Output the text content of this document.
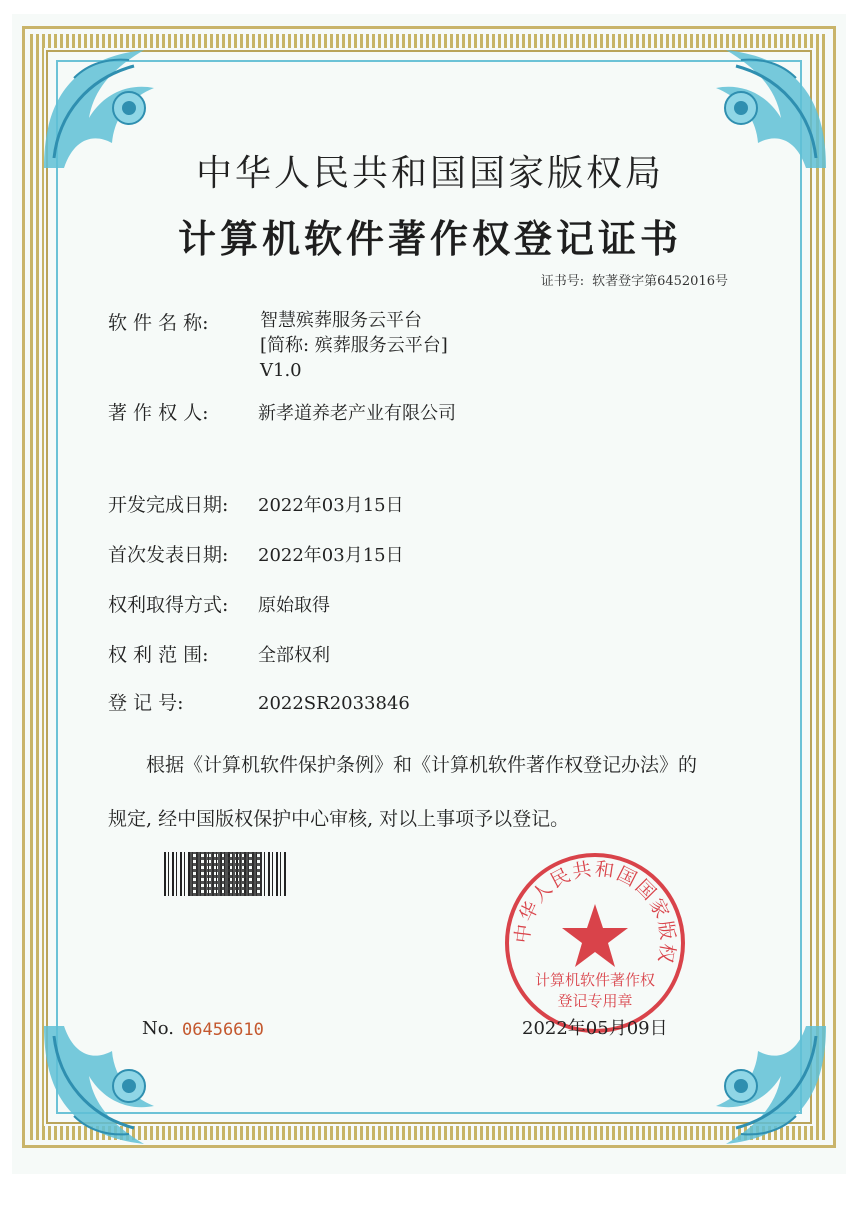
中华人民共和国国家版权局
计算机软件著作权登记证书
证书号: 软著登字第6452016号
软 件 名 称:	智慧殡葬服务云平台
[简称: 殡葬服务云平台]
V1.0
著 作 权 人:	新孝道养老产业有限公司
开发完成日期: 2022年03月15日
首次发表日期: 2022年03月15日
权利取得方式: 原始取得
权 利 范 围:	全部权利
登 记 号:	2022SR2033846
根据《计算机软件保护条例》和《计算机软件著作权登记办法》的
规定, 经中国版权保护中心审核, 对以上事项予以登记。
中华人民共和国国家版权
计算机软件著作权
登记专用章
No. 06456610	2022年05月09日
